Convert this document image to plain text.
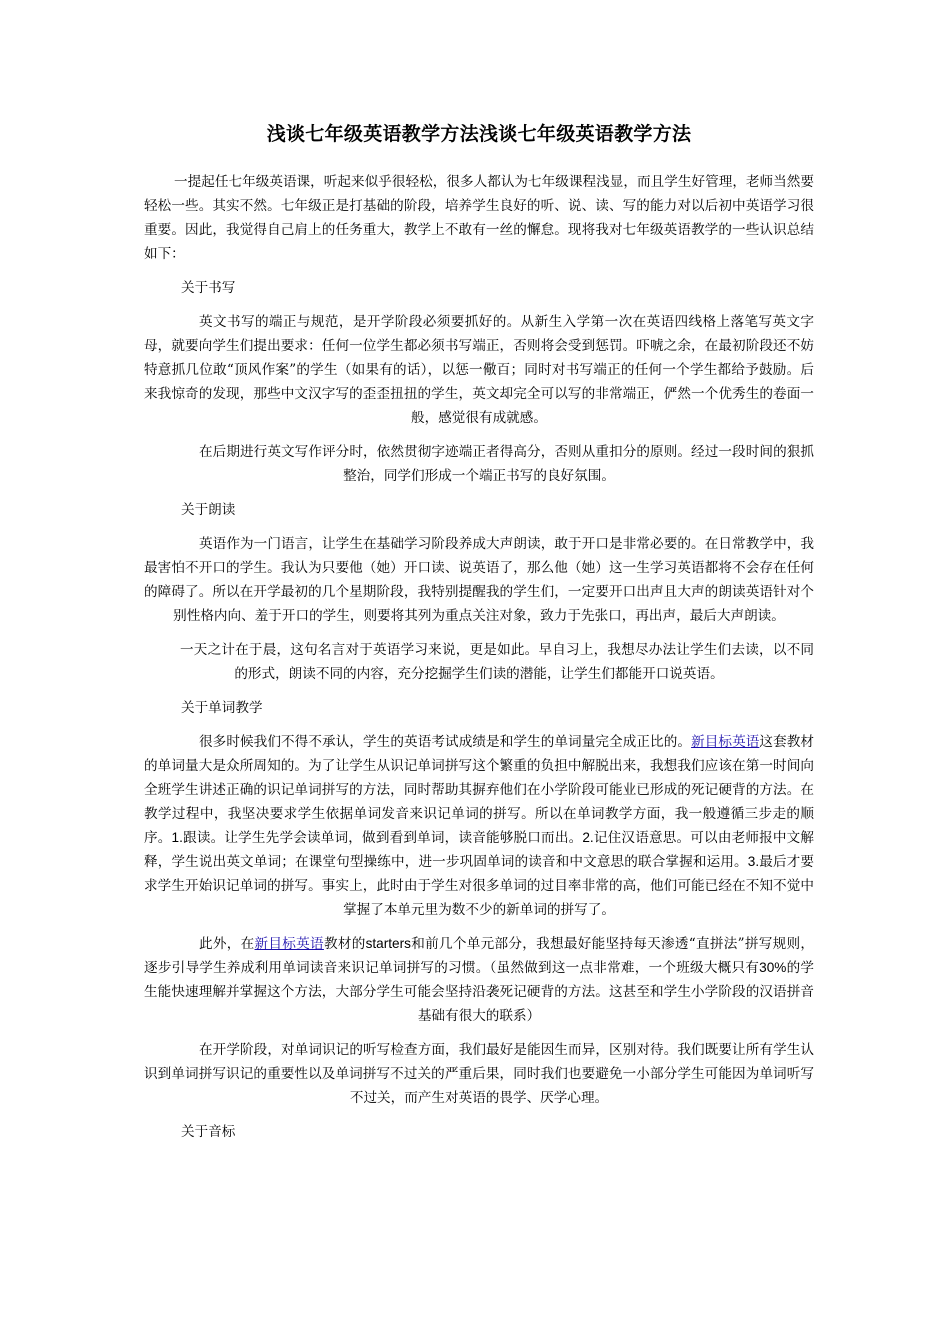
浅谈七年级英语教学方法浅谈七年级英语教学方法

一提起任七年级英语课，听起来似乎很轻松，很多人都认为七年级课程浅显，而且学生好管理，老师当然要轻松一些。其实不然。七年级正是打基础的阶段，培养学生良好的听、说、读、写的能力对以后初中英语学习很重要。因此，我觉得自己肩上的任务重大，教学上不敢有一丝的懈怠。现将我对七年级英语教学的一些认识总结如下：

关于书写

英文书写的端正与规范，是开学阶段必须要抓好的。从新生入学第一次在英语四线格上落笔写英文字母，就要向学生们提出要求：任何一位学生都必须书写端正，否则将会受到惩罚。吓唬之余，在最初阶段还不妨特意抓几位敢“顶风作案”的学生（如果有的话），以惩一儆百；同时对书写端正的任何一个学生都给予鼓励。后来我惊奇的发现，那些中文汉字写的歪歪扭扭的学生，英文却完全可以写的非常端正，俨然一个优秀生的卷面一般，感觉很有成就感。

在后期进行英文写作评分时，依然贯彻字迹端正者得高分，否则从重扣分的原则。经过一段时间的狠抓整治，同学们形成一个端正书写的良好氛围。

关于朗读

英语作为一门语言，让学生在基础学习阶段养成大声朗读，敢于开口是非常必要的。在日常教学中，我最害怕不开口的学生。我认为只要他（她）开口读、说英语了，那么他（她）这一生学习英语都将不会存在任何的障碍了。所以在开学最初的几个星期阶段，我特别提醒我的学生们，一定要开口出声且大声的朗读英语针对个别性格内向、羞于开口的学生，则要将其列为重点关注对象，致力于先张口，再出声，最后大声朗读。

一天之计在于晨，这句名言对于英语学习来说，更是如此。早自习上，我想尽办法让学生们去读，以不同的形式，朗读不同的内容，充分挖掘学生们读的潜能，让学生们都能开口说英语。

关于单词教学

很多时候我们不得不承认，学生的英语考试成绩是和学生的单词量完全成正比的。新目标英语这套教材的单词量大是众所周知的。为了让学生从识记单词拼写这个繁重的负担中解脱出来，我想我们应该在第一时间向全班学生讲述正确的识记单词拼写的方法，同时帮助其摒弃他们在小学阶段可能业已形成的死记硬背的方法。在教学过程中，我坚决要求学生依据单词发音来识记单词的拼写。所以在单词教学方面，我一般遵循三步走的顺序。1.跟读。让学生先学会读单词，做到看到单词，读音能够脱口而出。2.记住汉语意思。可以由老师报中文解释，学生说出英文单词；在课堂句型操练中，进一步巩固单词的读音和中文意思的联合掌握和运用。3.最后才要求学生开始识记单词的拼写。事实上，此时由于学生对很多单词的过目率非常的高，他们可能已经在不知不觉中掌握了本单元里为数不少的新单词的拼写了。

此外，在新目标英语教材的starters和前几个单元部分，我想最好能坚持每天渗透“直拼法”拼写规则，逐步引导学生养成利用单词读音来识记单词拼写的习惯。（虽然做到这一点非常难，一个班级大概只有30%的学生能快速理解并掌握这个方法，大部分学生可能会坚持沿袭死记硬背的方法。这甚至和学生小学阶段的汉语拼音基础有很大的联系）

在开学阶段，对单词识记的听写检查方面，我们最好是能因生而异，区别对待。我们既要让所有学生认识到单词拼写识记的重要性以及单词拼写不过关的严重后果，同时我们也要避免一小部分学生可能因为单词听写不过关，而产生对英语的畏学、厌学心理。

关于音标
